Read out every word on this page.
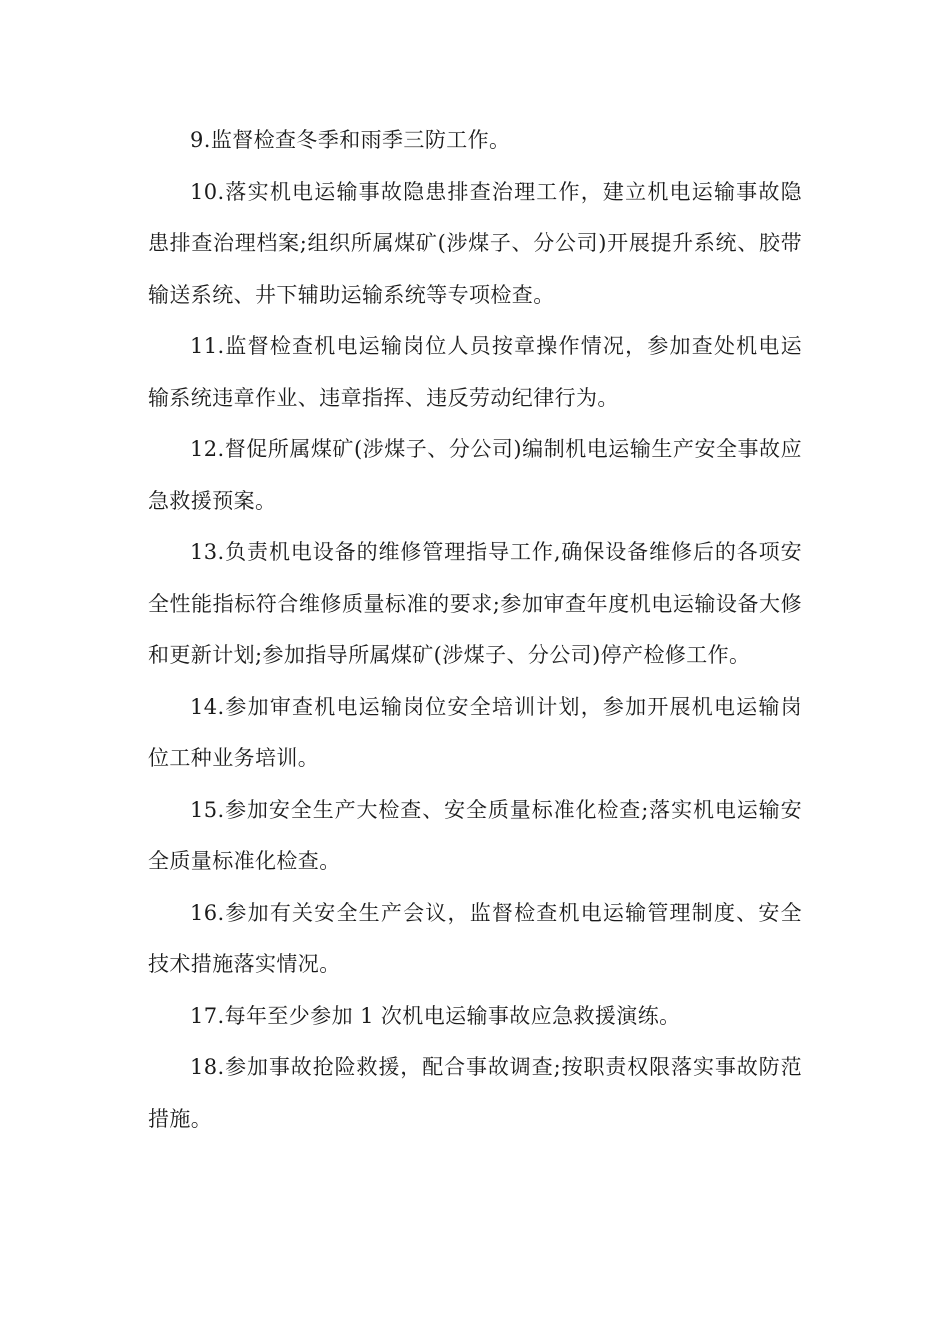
9.监督检查冬季和雨季三防工作。

10.落实机电运输事故隐患排查治理工作，建立机电运输事故隐患排查治理档案;组织所属煤矿(涉煤子、分公司)开展提升系统、胶带输送系统、井下辅助运输系统等专项检查。

11.监督检查机电运输岗位人员按章操作情况，参加查处机电运输系统违章作业、违章指挥、违反劳动纪律行为。

12.督促所属煤矿(涉煤子、分公司)编制机电运输生产安全事故应急救援预案。

13.负责机电设备的维修管理指导工作,确保设备维修后的各项安全性能指标符合维修质量标准的要求;参加审查年度机电运输设备大修和更新计划;参加指导所属煤矿(涉煤子、分公司)停产检修工作。

14.参加审查机电运输岗位安全培训计划，参加开展机电运输岗位工种业务培训。

15.参加安全生产大检查、安全质量标准化检查;落实机电运输安全质量标准化检查。

16.参加有关安全生产会议，监督检查机电运输管理制度、安全技术措施落实情况。

17.每年至少参加 1 次机电运输事故应急救援演练。

18.参加事故抢险救援，配合事故调查;按职责权限落实事故防范措施。
